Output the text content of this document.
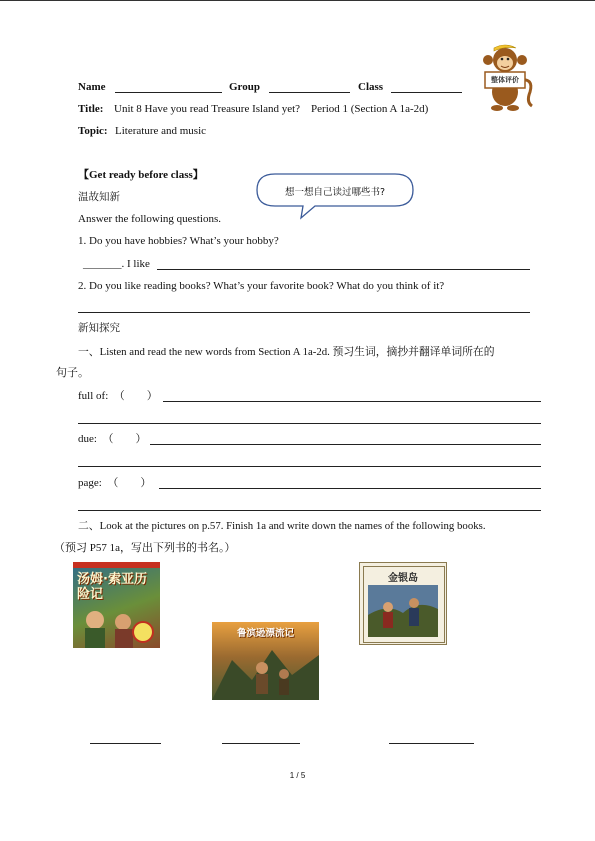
Name	Group	Class
Title: Unit 8 Have you read Treasure Island yet?    Period 1 (Section A 1a-2d)
Topic: Literature and music
整体评价
【Get ready before class】
温故知新	想一想自己读过哪些书?
Answer the following questions.
1. Do you have hobbies? What’s your hobby?
_______. I like
2. Do you like reading books? What’s your favorite book? What do you think of it?
新知探究
一、Listen and read the new words from Section A 1a-2d. 预习生词，摘抄并翻译单词所在的
句子。
full of:  （        ）
due:  （        ）
page:  （        ）
二、Look at the pictures on p.57. Finish 1a and write down the names of the following books.
（预习 P57 1a，写出下列书的书名。）
汤姆·索亚历险记
鲁滨逊漂流记
金银岛
1 / 5
